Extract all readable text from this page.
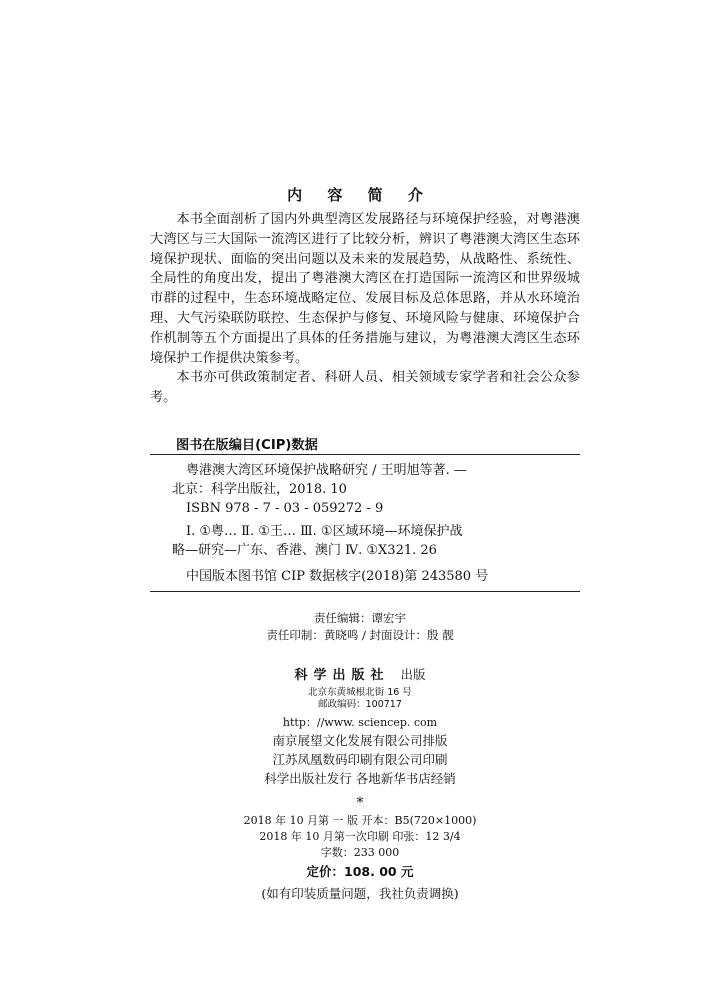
内 容 简 介

本书全面剖析了国内外典型湾区发展路径与环境保护经验，对粤港澳大湾区与三大国际一流湾区进行了比较分析，辨识了粤港澳大湾区生态环境保护现状、面临的突出问题以及未来的发展趋势，从战略性、系统性、全局性的角度出发，提出了粤港澳大湾区在打造国际一流湾区和世界级城市群的过程中，生态环境战略定位、发展目标及总体思路，并从水环境治理、大气污染联防联控、生态保护与修复、环境风险与健康、环境保护合作机制等五个方面提出了具体的任务措施与建议，为粤港澳大湾区生态环境保护工作提供决策参考。

本书亦可供政策制定者、科研人员、相关领域专家学者和社会公众参考。

图书在版编目(CIP)数据
粤港澳大湾区环境保护战略研究 / 王明旭等著. —
北京：科学出版社，2018. 10
ISBN 978 - 7 - 03 - 059272 - 9
Ⅰ. ①粤… Ⅱ. ①王… Ⅲ. ①区域环境—环境保护战
略—研究—广东、香港、澳门 Ⅳ. ①X321. 26
中国版本图书馆 CIP 数据核字(2018)第 243580 号
责任编辑：谭宏宇
责任印制：黄晓鸣 / 封面设计：殷 靓
科学出版社 出版
北京东黄城根北街 16 号
邮政编码：100717
http：//www. sciencep. com
南京展望文化发展有限公司排版
江苏凤凰数码印刷有限公司印刷
科学出版社发行 各地新华书店经销
*
2018 年 10 月第 一 版 开本：B5(720×1000)
2018 年 10 月第一次印刷 印张：12 3/4
字数：233 000
定价：108. 00 元
(如有印装质量问题，我社负责调换)
